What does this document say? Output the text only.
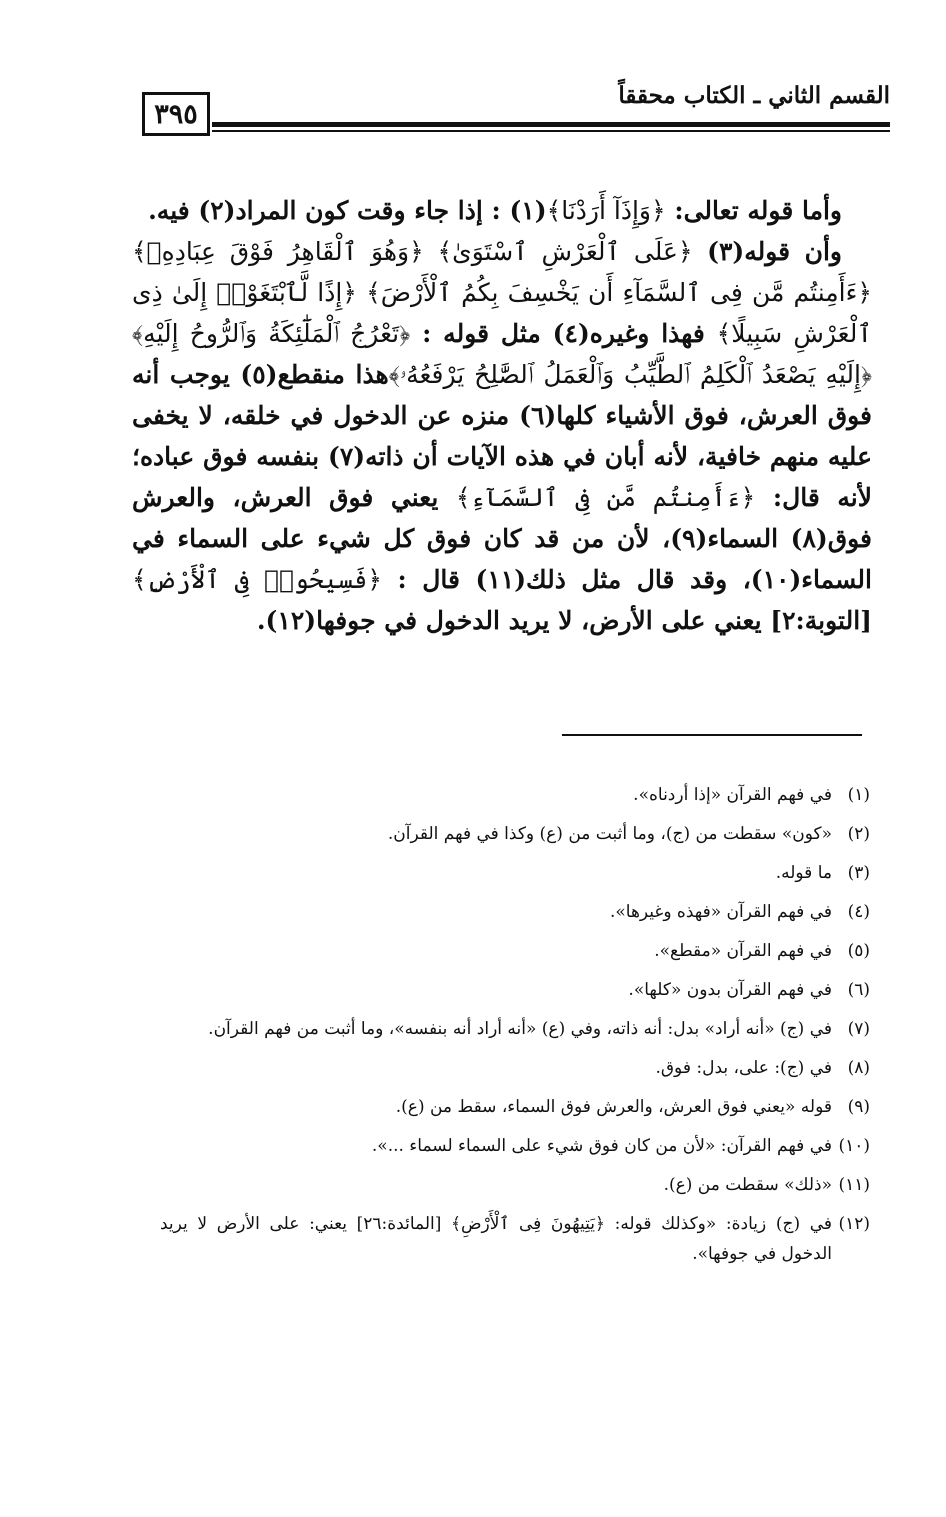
القسم الثاني ـ الكتاب محققاً
٣٩٥

وأما قوله تعالى: ﴿وَإِذَآ أَرَدْنَا﴾(١) : إذا جاء وقت كون المراد(٢) فيه.

وأن قوله(٣) ﴿عَلَى ٱلْعَرْشِ ٱسْتَوَىٰ﴾ ﴿وَهُوَ ٱلْقَاهِرُ فَوْقَ عِبَادِهِۦ﴾ ﴿ءَأَمِنتُم مَّن فِى ٱلسَّمَآءِ أَن يَخْسِفَ بِكُمُ ٱلْأَرْضَ﴾ ﴿إِذًا لَّٱبْتَغَوْا۟ إِلَىٰ ذِى ٱلْعَرْشِ سَبِيلًا﴾ فهذا وغيره(٤) مثل قوله : ﴿تَعْرُجُ ٱلْمَلَٰٓئِكَةُ وَٱلرُّوحُ إِلَيْهِ﴾ ﴿إِلَيْهِ يَصْعَدُ ٱلْكَلِمُ ٱلطَّيِّبُ وَٱلْعَمَلُ ٱلصَّٰلِحُ يَرْفَعُهُۥ﴾هذا منقطع(٥) يوجب أنه فوق العرش، فوق الأشياء كلها(٦) منزه عن الدخول في خلقه، لا يخفى عليه منهم خافية، لأنه أبان في هذه الآيات أن ذاته(٧) بنفسه فوق عباده؛ لأنه قال: ﴿ءَأَمِنتُم مَّن فِى ٱلسَّمَآءِ﴾ يعني فوق العرش، والعرش فوق(٨) السماء(٩)، لأن من قد كان فوق كل شيء على السماء في السماء(١٠)، وقد قال مثل ذلك(١١) قال : ﴿فَسِيحُوا۟ فِى ٱلْأَرْضِ﴾ [التوبة:٢] يعني على الأرض، لا يريد الدخول في جوفها(١٢).

(١)في فهم القرآن «إذا أردناه».

(٢)«كون» سقطت من (ج)، وما أثبت من (ع) وكذا في فهم القرآن.

(٣)ما قوله.

(٤)في فهم القرآن «فهذه وغيرها».

(٥)في فهم القرآن «مقطع».

(٦)في فهم القرآن بدون «كلها».

(٧)في (ج) «أنه أراد» بدل: أنه ذاته، وفي (ع) «أنه أراد أنه بنفسه»، وما أثبت من فهم القرآن.

(٨)في (ج): على، بدل: فوق.

(٩)قوله «يعني فوق العرش، والعرش فوق السماء، سقط من (ع).

(١٠)في فهم القرآن: «لأن من كان فوق شيء على السماء لسماء ...».

(١١)«ذلك» سقطت من (ع).

(١٢)في (ج) زيادة: «وكذلك قوله: ﴿يَتِيهُونَ فِى ٱلْأَرْضِ﴾ [المائدة:٢٦] يعني: على الأرض لا يريد الدخول في جوفها».
